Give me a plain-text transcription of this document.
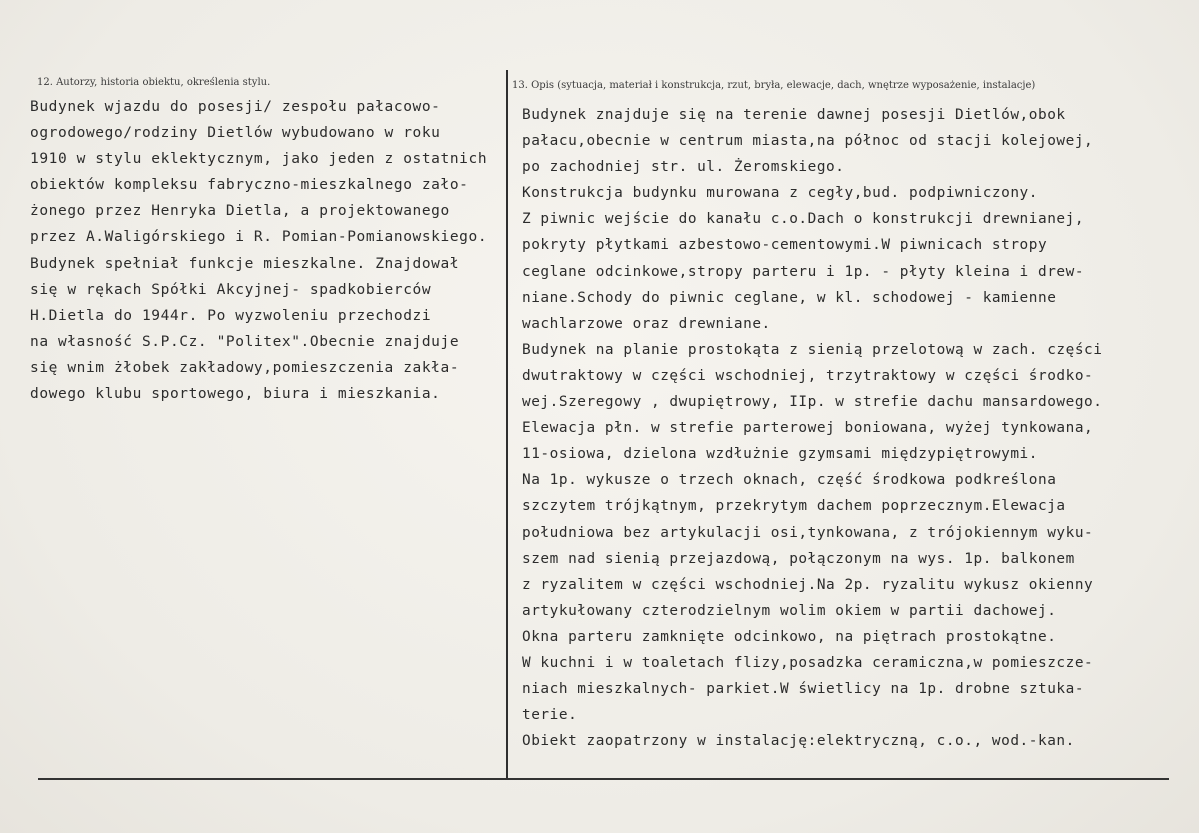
12. Autorzy, historia obiektu, określenia stylu.	13. Opis (sytuacja, materiał i konstrukcja, rzut, bryła, elewacje, dach, wnętrze wyposażenie, instalacje)
Budynek wjazdu do posesji/ zespołu pałacowo-
ogrodowego/rodziny Dietlów wybudowano w roku
1910 w stylu eklektycznym, jako jeden z ostatnich
obiektów kompleksu fabryczno-mieszkalnego zało-
żonego przez Henryka Dietla, a projektowanego
przez A.Waligórskiego i R. Pomian-Pomianowskiego.
Budynek spełniał funkcje mieszkalne. Znajdował
się w rękach Spółki Akcyjnej- spadkobierców
H.Dietla do 1944r. Po wyzwoleniu przechodzi
na własność S.P.Cz. "Politex".Obecnie znajduje
się wnim żłobek zakładowy,pomieszczenia zakła-
dowego klubu sportowego, biura i mieszkania.
Budynek znajduje się na terenie dawnej posesji Dietlów,obok
pałacu,obecnie w centrum miasta,na północ od stacji kolejowej,
po zachodniej str. ul. Żeromskiego.
Konstrukcja budynku murowana z cegły,bud. podpiwniczony.
Z piwnic wejście do kanału c.o.Dach o konstrukcji drewnianej,
pokryty płytkami azbestowo-cementowymi.W piwnicach stropy
ceglane odcinkowe,stropy parteru i 1p. - płyty kleina i drew-
niane.Schody do piwnic ceglane, w kl. schodowej - kamienne
wachlarzowe oraz drewniane.
Budynek na planie prostokąta z sienią przelotową w zach. części
dwutraktowy w części wschodniej, trzytraktowy w części środko-
wej.Szeregowy , dwupiętrowy, IIp. w strefie dachu mansardowego.
Elewacja płn. w strefie parterowej boniowana, wyżej tynkowana,
11-osiowa, dzielona wzdłużnie gzymsami międzypiętrowymi.
Na 1p. wykusze o trzech oknach, część środkowa podkreślona
szczytem trójkątnym, przekrytym dachem poprzecznym.Elewacja
południowa bez artykulacji osi,tynkowana, z trójokiennym wyku-
szem nad sienią przejazdową, połączonym na wys. 1p. balkonem
z ryzalitem w części wschodniej.Na 2p. ryzalitu wykusz okienny
artykułowany czterodzielnym wolim okiem w partii dachowej.
Okna parteru zamknięte odcinkowo, na piętrach prostokątne.
W kuchni i w toaletach flizy,posadzka ceramiczna,w pomieszcze-
niach mieszkalnych- parkiet.W świetlicy na 1p. drobne sztuka-
terie.
Obiekt zaopatrzony w instalację:elektryczną, c.o., wod.-kan.
